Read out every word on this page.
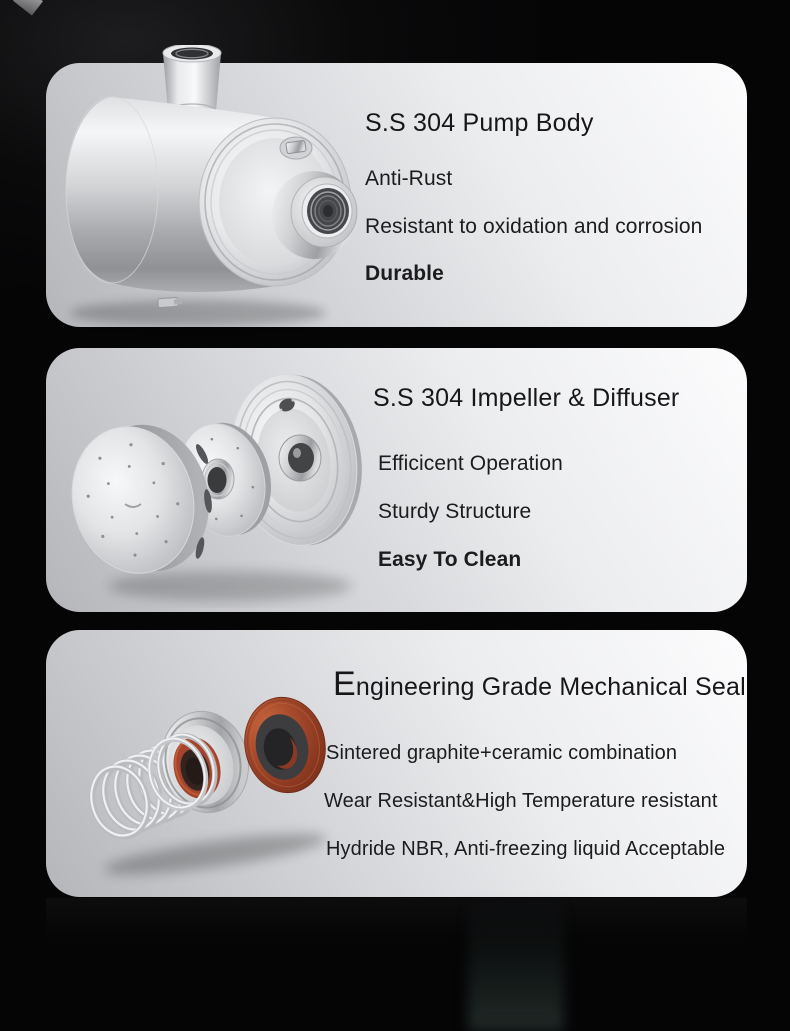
S.S 304 Pump Body

Anti-Rust

Resistant to oxidation and corrosion

Durable

S.S 304 Impeller & Diffuser

Efficicent Operation

Sturdy Structure

Easy To Clean

Engineering Grade Mechanical Seal

Sintered graphite+ceramic combination

Wear Resistant&High Temperature resistant

Hydride NBR, Anti-freezing liquid Acceptable
